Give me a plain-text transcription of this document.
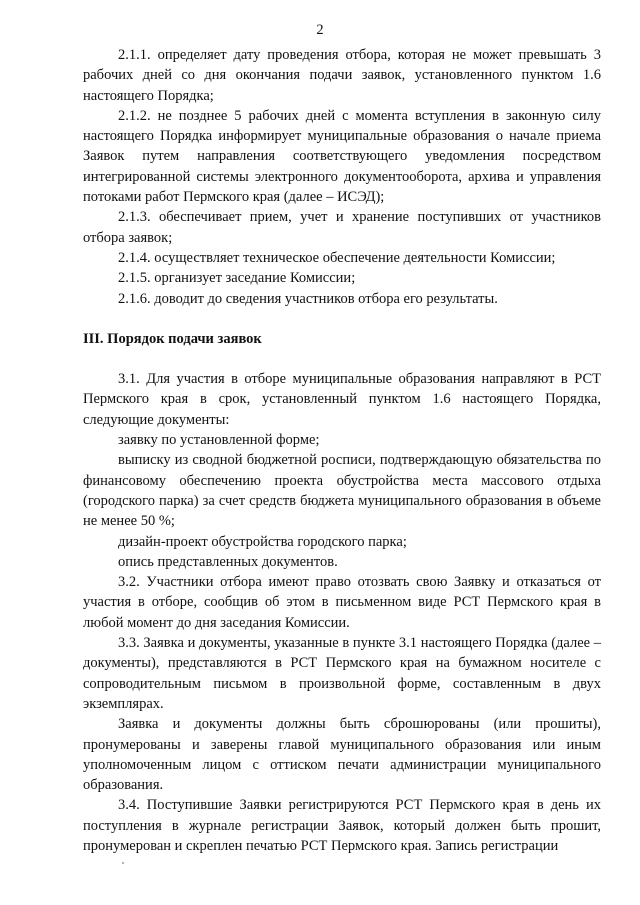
2

2.1.1. определяет дату проведения отбора, которая не может превышать 3 рабочих дней со дня окончания подачи заявок, установленного пунктом 1.6 настоящего Порядка;

2.1.2. не позднее 5 рабочих дней с момента вступления в законную силу настоящего Порядка информирует муниципальные образования о начале приема Заявок путем направления соответствующего уведомления посредством интегрированной системы электронного документооборота, архива и управления потоками работ Пермского края (далее – ИСЭД);

2.1.3. обеспечивает прием, учет и хранение поступивших от участников отбора заявок;

2.1.4. осуществляет техническое обеспечение деятельности Комиссии;

2.1.5. организует заседание Комиссии;

2.1.6. доводит до сведения участников отбора его результаты.

III. Порядок подачи заявок

3.1. Для участия в отборе муниципальные образования направляют в РСТ Пермского края в срок, установленный пунктом 1.6 настоящего Порядка, следующие документы:

заявку по установленной форме;

выписку из сводной бюджетной росписи, подтверждающую обязательства по финансовому обеспечению проекта обустройства места массового отдыха (городского парка) за счет средств бюджета муниципального образования в объеме не менее 50 %;

дизайн-проект обустройства городского парка;

опись представленных документов.

3.2. Участники отбора имеют право отозвать свою Заявку и отказаться от участия в отборе, сообщив об этом в письменном виде РСТ Пермского края в любой момент до дня заседания Комиссии.

3.3. Заявка и документы, указанные в пункте 3.1 настоящего Порядка (далее – документы), представляются в РСТ Пермского края на бумажном носителе с сопроводительным письмом в произвольной форме, составленным в двух экземплярах.

Заявка и документы должны быть сброшюрованы (или прошиты), пронумерованы и заверены главой муниципального образования или иным уполномоченным лицом с оттиском печати администрации муниципального образования.

3.4. Поступившие Заявки регистрируются РСТ Пермского края в день их поступления в журнале регистрации Заявок, который должен быть прошит, пронумерован и скреплен печатью РСТ Пермского края. Запись регистрации
